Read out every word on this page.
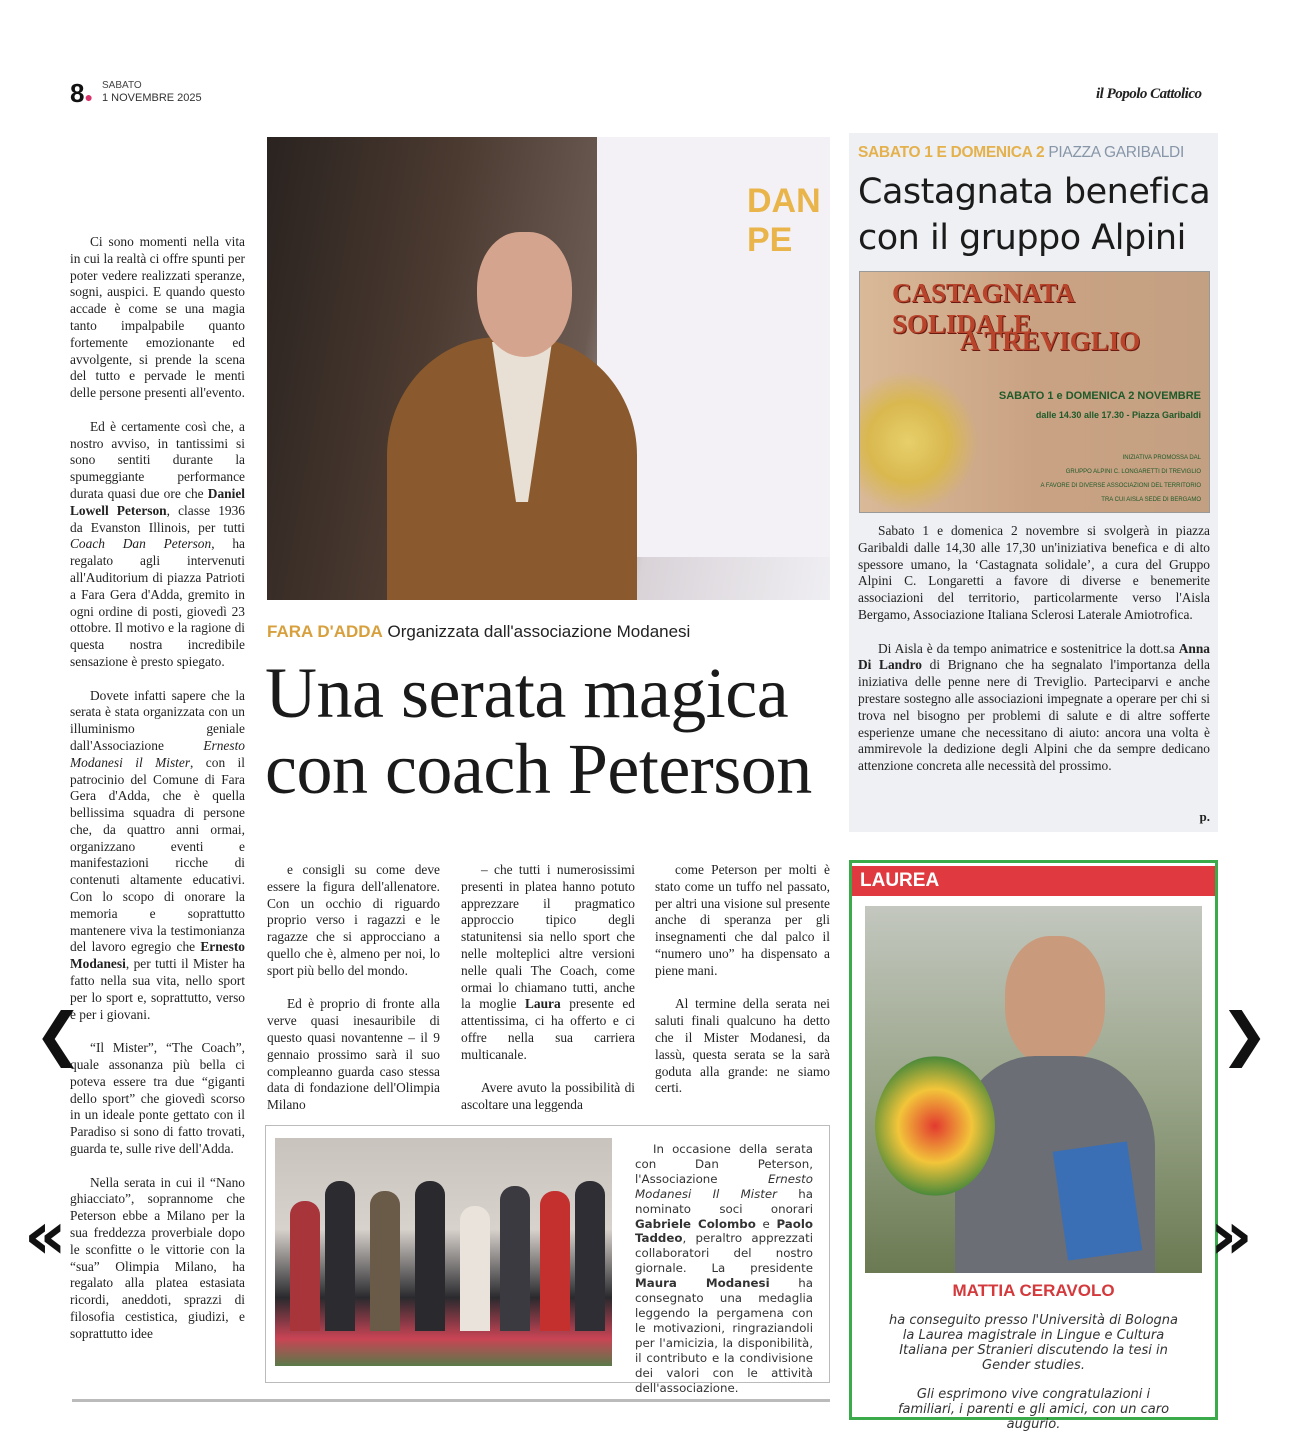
8●
SABATO
1 NOVEMBRE 2025	il Popolo Cattolico

Ci sono momenti nella vita in cui la realtà ci offre spunti per poter vedere realizzati speranze, sogni, auspici. E quando questo accade è come se una magia tanto impalpabile quanto fortemente emozionante ed avvolgente, si prende la scena del tutto e pervade le menti delle persone presenti all'evento.

Ed è certamente così che, a nostro avviso, in tantissimi si sono sentiti durante la spumeggiante performance durata quasi due ore che Daniel Lowell Peterson, classe 1936 da Evanston Illinois, per tutti Coach Dan Peterson, ha regalato agli intervenuti all'Auditorium di piazza Patrioti a Fara Gera d'Adda, gremito in ogni ordine di posti, giovedì 23 ottobre. Il motivo e la ragione di questa nostra incredibile sensazione è presto spiegato.

Dovete infatti sapere che la serata è stata organizzata con un illuminismo geniale dall'Associazione Ernesto Modanesi il Mister, con il patrocinio del Comune di Fara Gera d'Adda, che è quella bellissima squadra di persone che, da quattro anni ormai, organizzano eventi e manifestazioni ricche di contenuti altamente educativi. Con lo scopo di onorare la memoria e soprattutto mantenere viva la testimonianza del lavoro egregio che Ernesto Modanesi, per tutti il Mister ha fatto nella sua vita, nello sport per lo sport e, soprattutto, verso e per i giovani.

“Il Mister”, “The Coach”, quale assonanza più bella ci poteva essere tra due “giganti dello sport” che giovedì scorso in un ideale ponte gettato con il Paradiso si sono di fatto trovati, guarda te, sulle rive dell'Adda.

Nella serata in cui il “Nano ghiacciato”, soprannome che Peterson ebbe a Milano per la sua freddezza proverbiale dopo le sconfitte o le vittorie con la “sua” Olimpia Milano, ha regalato alla platea estasiata ricordi, aneddoti, sprazzi di filosofia cestistica, giudizi, e soprattutto idee

DAN PE
FARA D'ADDA Organizzata dall'associazione Modanesi
Una serata magica
con coach Peterson

e consigli su come deve essere la figura dell'allenatore. Con un occhio di riguardo proprio verso i ragazzi e le ragazze che si approcciano a quello che è, almeno per noi, lo sport più bello del mondo.

Ed è proprio di fronte alla verve quasi inesauribile di questo quasi novantenne – il 9 gennaio prossimo sarà il suo compleanno guarda caso stessa data di fondazione dell'Olimpia Milano

– che tutti i numerosissimi presenti in platea hanno potuto apprezzare il pragmatico approccio tipico degli statunitensi sia nello sport che nelle molteplici altre versioni nelle quali The Coach, come ormai lo chiamano tutti, anche la moglie Laura presente ed attentissima, ci ha offerto e ci offre nella sua carriera multicanale.

Avere avuto la possibilità di ascoltare una leggenda

come Peterson per molti è stato come un tuffo nel passato, per altri una visione sul presente anche di speranza per gli insegnamenti che dal palco il “numero uno” ha dispensato a piene mani.

Al termine della serata nei saluti finali qualcuno ha detto che il Mister Modanesi, da lassù, questa serata se la sarà goduta alla grande: ne siamo certi.

In occasione della serata con Dan Peterson, l'Associazione Ernesto Modanesi Il Mister ha nominato soci onorari Gabriele Colombo e Paolo Taddeo, peraltro apprezzati collaboratori del nostro giornale. La presidente Maura Modanesi ha consegnato una medaglia leggendo la pergamena con le motivazioni, ringraziandoli per l'amicizia, la disponibilità, il contributo e la condivisione dei valori con le attività dell'associazione.

SABATO 1 E DOMENICA 2 PIAZZA GARIBALDI
Castagnata benefica
con il gruppo Alpini
CASTAGNATA SOLIDALE
A TREVIGLIO
SABATO 1 e DOMENICA 2 NOVEMBRE
dalle 14.30 alle 17.30 - Piazza Garibaldi
INIZIATIVA PROMOSSA DAL
GRUPPO ALPINI C. LONGARETTI DI TREVIGLIO
A FAVORE DI DIVERSE ASSOCIAZIONI DEL TERRITORIO
TRA CUI AISLA SEDE DI BERGAMO

Sabato 1 e domenica 2 novembre si svolgerà in piazza Garibaldi dalle 14,30 alle 17,30 un'iniziativa benefica e di alto spessore umano, la ‘Castagnata solidale’, a cura del Gruppo Alpini C. Longaretti a favore di diverse e benemerite associazioni del territorio, particolarmente verso l'Aisla Bergamo, Associazione Italiana Sclerosi Laterale Amiotrofica.

Di Aisla è da tempo animatrice e sostenitrice la dott.sa Anna Di Landro di Brignano che ha segnalato l'importanza della iniziativa delle penne nere di Treviglio. Parteciparvi e anche prestare sostegno alle associazioni impegnate a operare per chi si trova nel bisogno per problemi di salute e di altre sofferte esperienze umane che necessitano di aiuto: ancora una volta è ammirevole la dedizione degli Alpini che da sempre dedicano attenzione concreta alle necessità del prossimo.

p.
LAUREA
MATTIA CERAVOLO

ha conseguito presso l'Università di Bologna la Laurea magistrale in Lingue e Cultura Italiana per Stranieri discutendo la tesi in Gender studies.

Gli esprimono vive congratulazioni i familiari, i parenti e gli amici, con un caro augurio.

❮	❯
«	»
